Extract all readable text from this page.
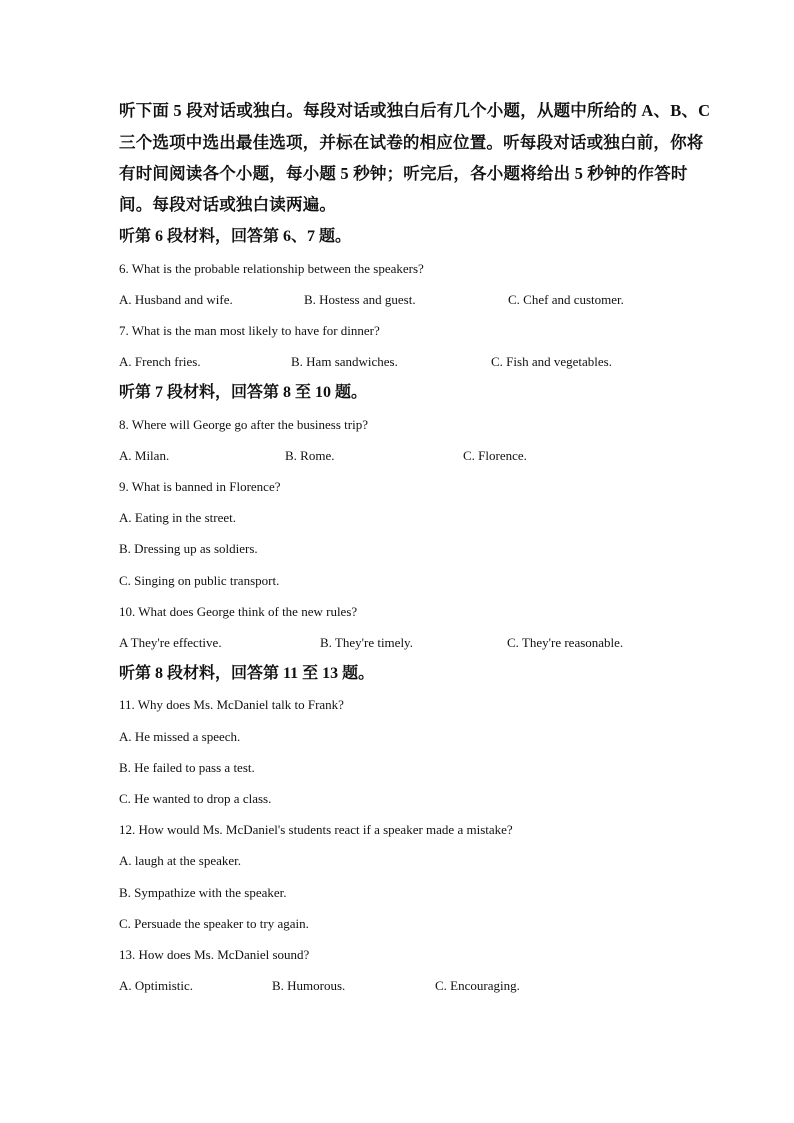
听下面 5 段对话或独白。每段对话或独白后有几个小题，从题中所给的 A、B、C
三个选项中选出最佳选项，并标在试卷的相应位置。听每段对话或独白前，你将
有时间阅读各个小题，每小题 5 秒钟；听完后，各小题将给出 5 秒钟的作答时
间。每段对话或独白读两遍。
听第 6 段材料，回答第 6、7 题。
6. What is the probable relationship between the speakers?
A. Husband and wife.	B. Hostess and guest.	C. Chef and customer.
7. What is the man most likely to have for dinner?
A. French fries.	B. Ham sandwiches.	C. Fish and vegetables.
听第 7 段材料，回答第 8 至 10 题。
8. Where will George go after the business trip?
A. Milan.	B. Rome.	C. Florence.
9. What is banned in Florence?
A. Eating in the street.
B. Dressing up as soldiers.
C. Singing on public transport.
10. What does George think of the new rules?
A They're effective.	B. They're timely.	C. They're reasonable.
听第 8 段材料，回答第 11 至 13 题。
11. Why does Ms. McDaniel talk to Frank?
A. He missed a speech.
B. He failed to pass a test.
C. He wanted to drop a class.
12. How would Ms. McDaniel's students react if a speaker made a mistake?
A. laugh at the speaker.
B. Sympathize with the speaker.
C. Persuade the speaker to try again.
13. How does Ms. McDaniel sound?
A. Optimistic.	B. Humorous.	C. Encouraging.
